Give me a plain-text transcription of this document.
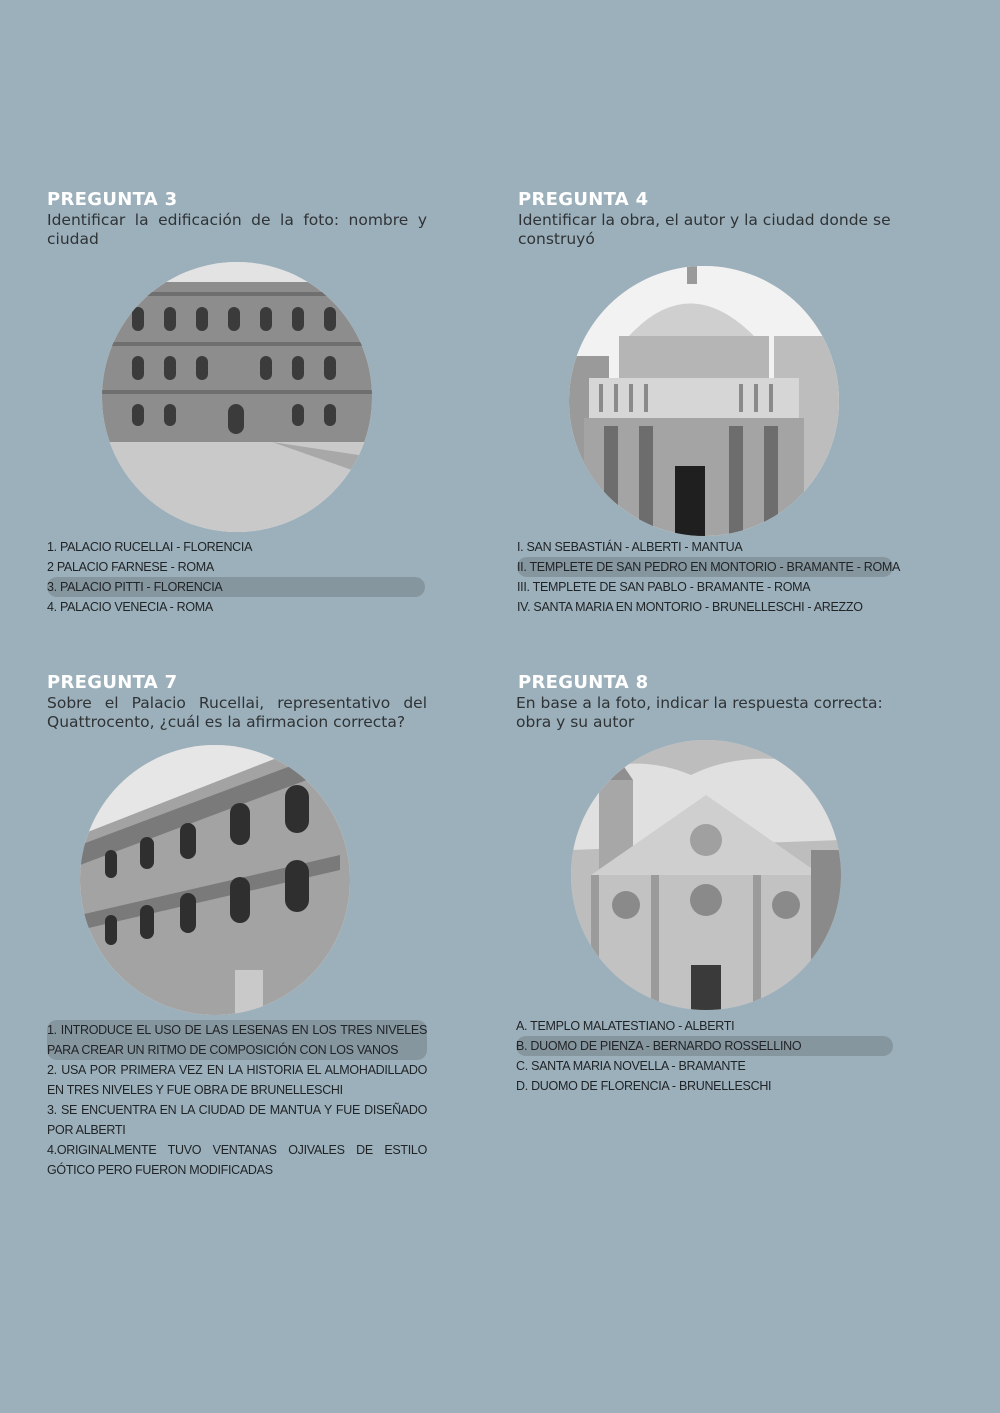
PREGUNTA 3

Identificar la edificación de la foto: nombre y ciudad

1. PALACIO RUCELLAI - FLORENCIA
2 PALACIO FARNESE - ROMA
3. PALACIO PITTI - FLORENCIA
4. PALACIO VENECIA - ROMA
PREGUNTA 4

Identificar la obra, el autor y la ciudad donde se construyó

I. SAN SEBASTIÁN - ALBERTI - MANTUA
II. TEMPLETE DE SAN PEDRO EN MONTORIO - BRAMANTE - ROMA
III. TEMPLETE DE SAN PABLO - BRAMANTE - ROMA
IV. SANTA MARIA EN MONTORIO - BRUNELLESCHI - AREZZO
PREGUNTA 7

Sobre el Palacio Rucellai, representativo del Quattrocento, ¿cuál es la afirmacion correcta?

1. INTRODUCE EL USO DE LAS LESENAS EN LOS TRES NIVELES PARA CREAR UN RITMO DE COMPOSICIÓN CON LOS VANOS
2. USA POR PRIMERA VEZ EN LA HISTORIA EL ALMOHADILLADO EN TRES NIVELES Y FUE OBRA DE BRUNELLESCHI
3. SE ENCUENTRA EN LA CIUDAD DE MANTUA Y FUE DISEÑADO POR ALBERTI
4.ORIGINALMENTE TUVO VENTANAS OJIVALES DE ESTILO GÓTICO PERO FUERON MODIFICADAS
PREGUNTA 8

En base a la foto, indicar la respuesta correcta: obra y su autor

A. TEMPLO MALATESTIANO - ALBERTI
B. DUOMO DE PIENZA - BERNARDO ROSSELLINO
C. SANTA MARIA NOVELLA - BRAMANTE
D. DUOMO DE FLORENCIA - BRUNELLESCHI
